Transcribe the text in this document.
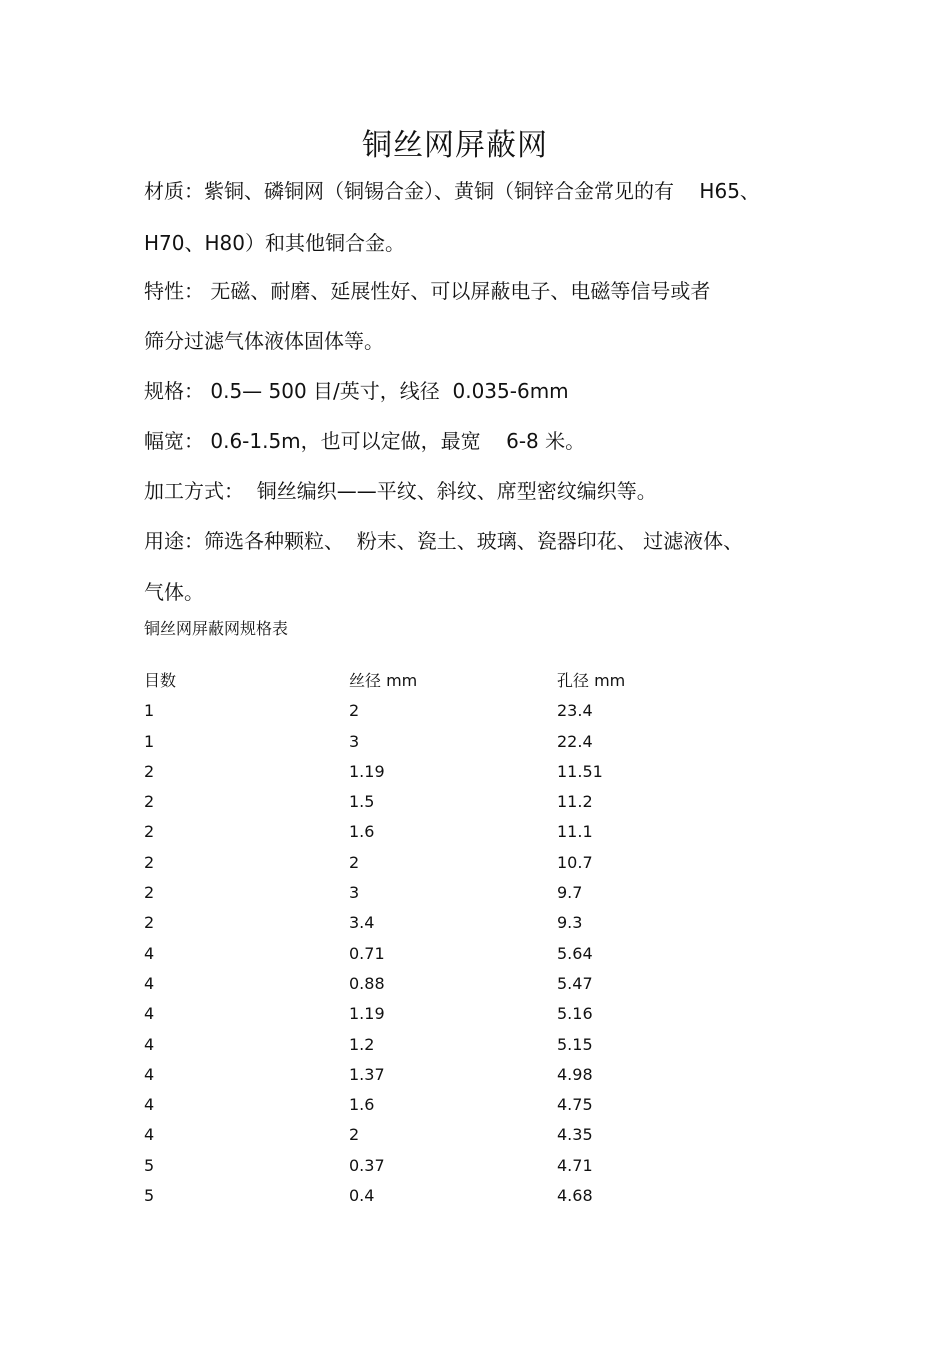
铜丝网屏蔽网
材质：紫铜、磷铜网（铜锡合金）、黄铜（铜锌合金常见的有    H65、
H70、H80）和其他铜合金。
特性： 无磁、耐磨、延展性好、可以屏蔽电子、电磁等信号或者
筛分过滤气体液体固体等。
规格： 0.5— 500 目/英寸，线径  0.035-6mm
幅宽： 0.6-1.5m，也可以定做，最宽    6-8 米。
加工方式：  铜丝编织——平纹、斜纹、席型密纹编织等。
用途：筛选各种颗粒、  粉末、瓷土、玻璃、瓷器印花、 过滤液体、
气体。
铜丝网屏蔽网规格表
目数	丝径 mm	孔径 mm
1	2	23.4
1	3	22.4
2	1.19	11.51
2	1.5	11.2
2	1.6	11.1
2	2	10.7
2	3	9.7
2	3.4	9.3
4	0.71	5.64
4	0.88	5.47
4	1.19	5.16
4	1.2	5.15
4	1.37	4.98
4	1.6	4.75
4	2	4.35
5	0.37	4.71
5	0.4	4.68
